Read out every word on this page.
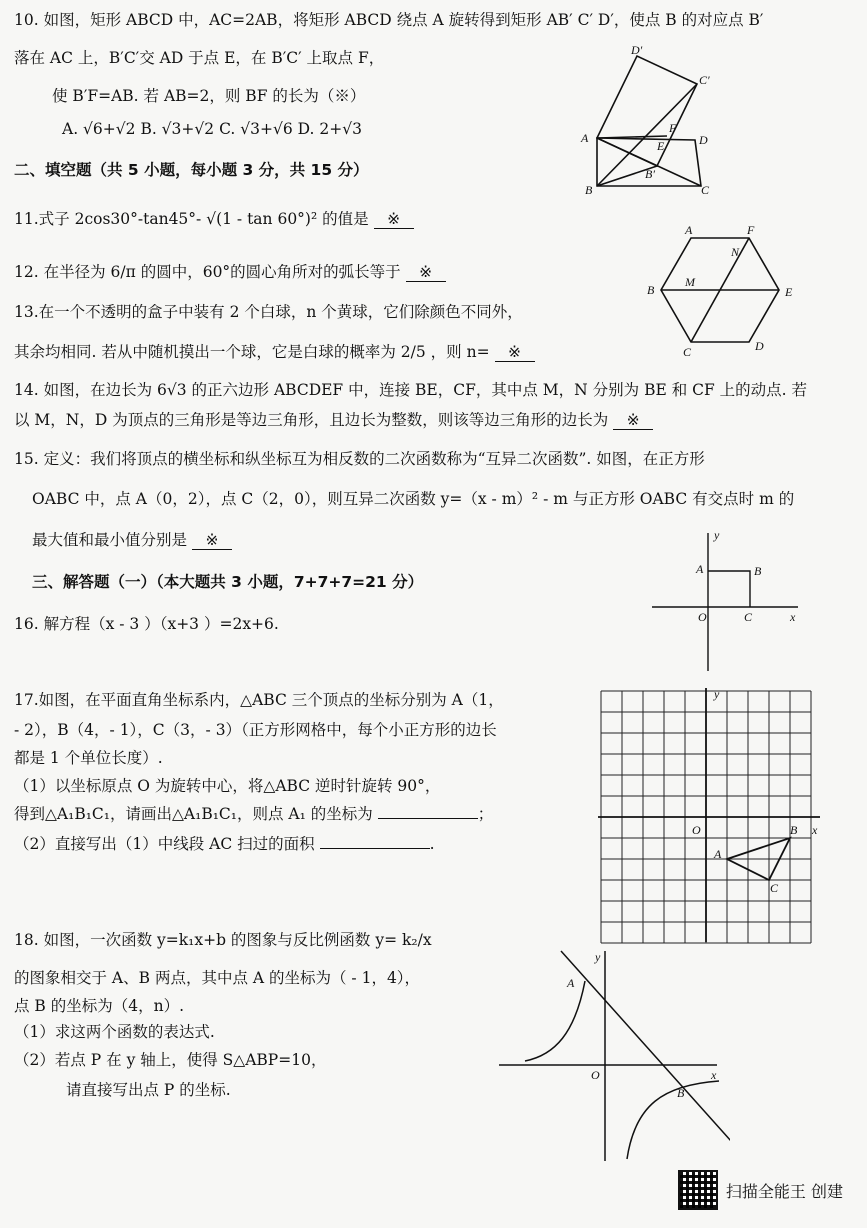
10. 如图，矩形 ABCD 中，AC=2AB，将矩形 ABCD 绕点 A 旋转得到矩形 AB′ C′ D′，使点 B 的对应点 B′
落在 AC 上，B′C′交 AD 于点 E，在 B′C′ 上取点 F，
使 B′F=AB. 若 AB=2，则 BF 的长为（※）
A. √6+√2 B. √3+√2 C. √3+√6 D. 2+√3
二、填空题（共 5 小题，每小题 3 分，共 15 分）
11.式子 2cos30°-tan45°- √(1 - tan 60°)² 的值是 ※
12. 在半径为 6/π 的圆中，60°的圆心角所对的弧长等于 ※
13.在一个不透明的盒子中装有 2 个白球，n 个黄球，它们除颜色不同外，
其余均相同. 若从中随机摸出一个球，它是白球的概率为 2/5 ，则 n= ※
14. 如图，在边长为 6√3 的正六边形 ABCDEF 中，连接 BE，CF，其中点 M，N 分别为 BE 和 CF 上的动点. 若
以 M，N，D 为顶点的三角形是等边三角形，且边长为整数，则该等边三角形的边长为 ※
15. 定义：我们将顶点的横坐标和纵坐标互为相反数的二次函数称为“互异二次函数”. 如图，在正方形
OABC 中，点 A（0，2），点 C（2，0），则互异二次函数 y=（x - m）² - m 与正方形 OABC 有交点时 m 的
最大值和最小值分别是 ※
三、解答题（一）（本大题共 3 小题，7+7+7=21 分）
16. 解方程（x - 3 ）（x+3 ）=2x+6.
17.如图，在平面直角坐标系内，△ABC 三个顶点的坐标分别为 A（1，
- 2），B（4，- 1），C（3，- 3）（正方形网格中，每个小正方形的边长
都是 1 个单位长度）.
（1）以坐标原点 O 为旋转中心，将△ABC 逆时针旋转 90°，
得到△A₁B₁C₁，请画出△A₁B₁C₁，则点 A₁ 的坐标为	；
（2）直接写出（1）中线段 AC 扫过的面积	.
18. 如图，一次函数 y=k₁x+b 的图象与反比例函数 y= k₂/x
的图象相交于 A、B 两点，其中点 A 的坐标为（ - 1，4），
点 B 的坐标为（4，n）.
（1）求这两个函数的表达式.
（2）若点 P 在 y 轴上，使得 S△ABP=10，
请直接写出点 P 的坐标.
D′
C′
A
F
D
E
B′
B	C
A	F
N
B
M
E
C	D
y
A	B
O	C	x
y
O	B x
A
C
y
A
O	x
B
扫描全能王 创建
